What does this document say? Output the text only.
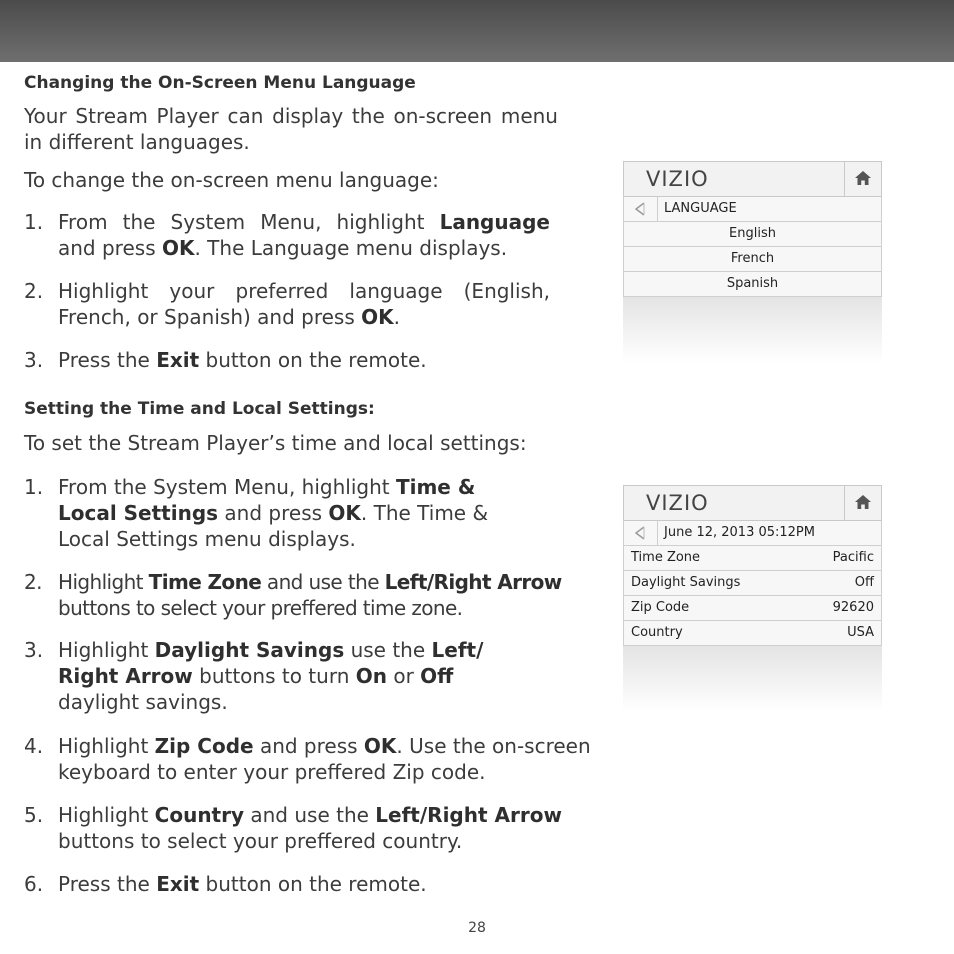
Changing the On-Screen Menu Language

Your Stream Player can display the on-screen menu in different languages.

To change the on-screen menu language:

1. From the System Menu, highlight Language and press OK. The Language menu displays.
2. Highlight your preferred language (English, French, or Spanish) and press OK.
3. Press the Exit button on the remote.
Setting the Time and Local Settings:

To set the Stream Player’s time and local settings:

1. From the System Menu, highlight Time & Local Settings and press OK. The Time & Local Settings menu displays.
2. Highlight Time Zone and use the Left/Right Arrow buttons to select your preffered time zone.
3. Highlight Daylight Savings use the Left/ Right Arrow buttons to turn On or Off daylight savings.
4. Highlight Zip Code and press OK. Use the on-screen keyboard to enter your preffered Zip code.
5. Highlight Country and use the Left/Right Arrow buttons to select your preffered country.
6. Press the Exit button on the remote.
VIZIO
LANGUAGE
English
French
Spanish
VIZIO
June 12, 2013 05:12PM
Time Zone	Pacific
Daylight Savings	Off
Zip Code	92620
Country	USA
28
